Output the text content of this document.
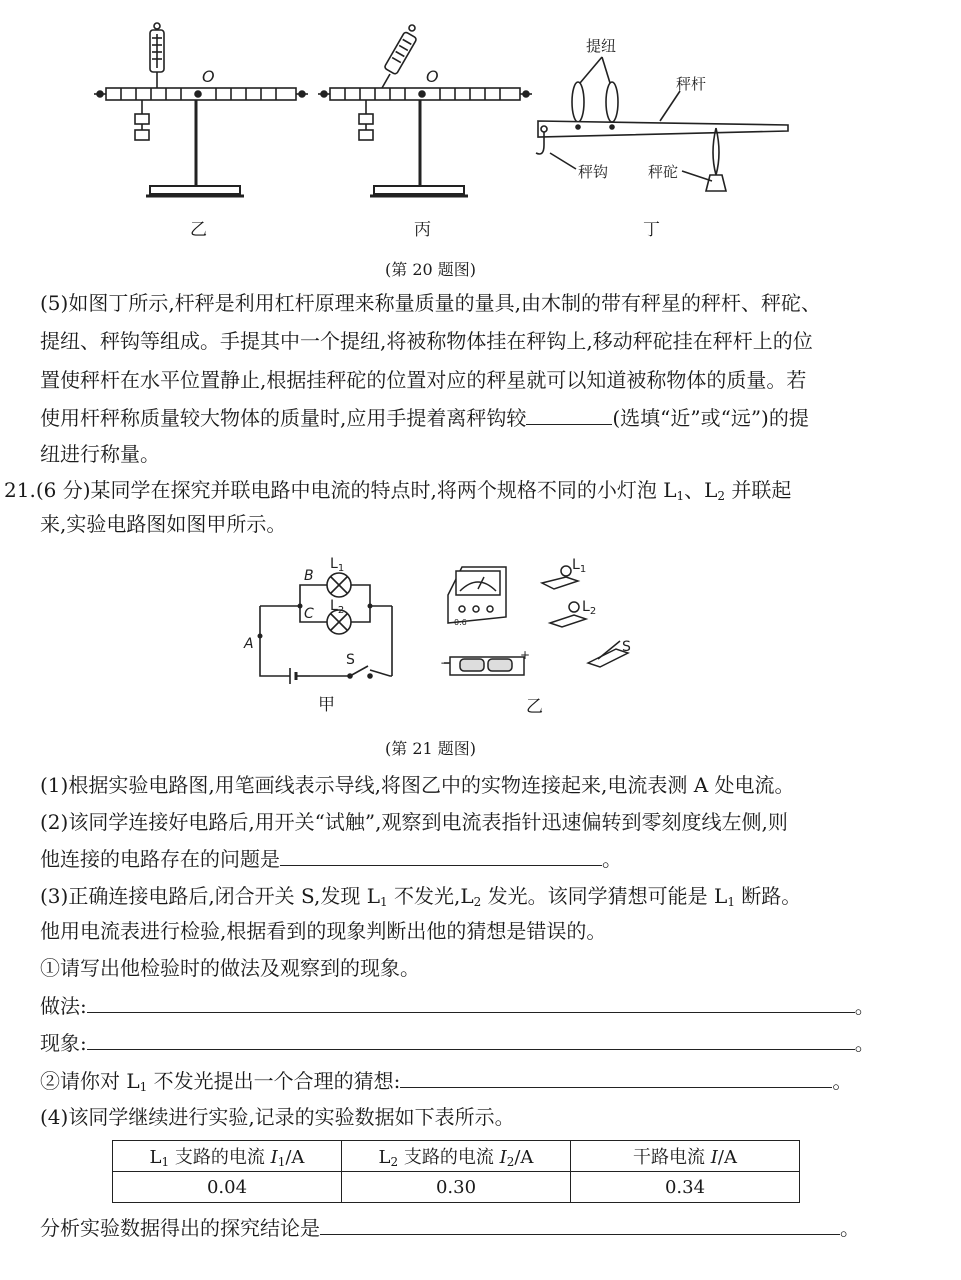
O	O
提纽
秤杆
秤钩	秤砣
乙	丙	丁
(第 20 题图)
(5)如图丁所示,杆秤是利用杠杆原理来称量质量的量具,由木制的带有秤星的秤杆、秤砣、
提纽、秤钩等组成。手提其中一个提纽,将被称物体挂在秤钩上,移动秤砣挂在秤杆上的位
置使秤杆在水平位置静止,根据挂秤砣的位置对应的秤星就可以知道被称物体的质量。若
使用杆秤称质量较大物体的质量时,应用手提着离秤钩较	(选填“近”或“远”)的提
纽进行称量。
21.(6 分)某同学在探究并联电路中电流的特点时,将两个规格不同的小灯泡 $L_1$、$L_2$ 并联起
来,实验电路图如图甲所示。
A
B
C
$L_1$
$L_2$
S
0.6
+
−
$L_1$
$L_2$
S
甲	乙
(第 21 题图)
(1)根据实验电路图,用笔画线表示导线,将图乙中的实物连接起来,电流表测 A 处电流。
(2)该同学连接好电路后,用开关“试触”,观察到电流表指针迅速偏转到零刻度线左侧,则
他连接的电路存在的问题是	。
(3)正确连接电路后,闭合开关 S,发现 $L_1$ 不发光$,L_2$ 发光。该同学猜想可能是 $L_1$ 断路。
他用电流表进行检验,根据看到的现象判断出他的猜想是错误的。
①请写出他检验时的做法及观察到的现象。
做法:	。
现象:	。
②请你对 $L_1$ 不发光提出一个合理的猜想:	。
(4)该同学继续进行实验,记录的实验数据如下表所示。
$L_1$ 支路的电流 $I_1/A$	$L_2$ 支路的电流 $I_2/A$	干路电流 I/A
0.04	0.30	0.34
分析实验数据得出的探究结论是	。
